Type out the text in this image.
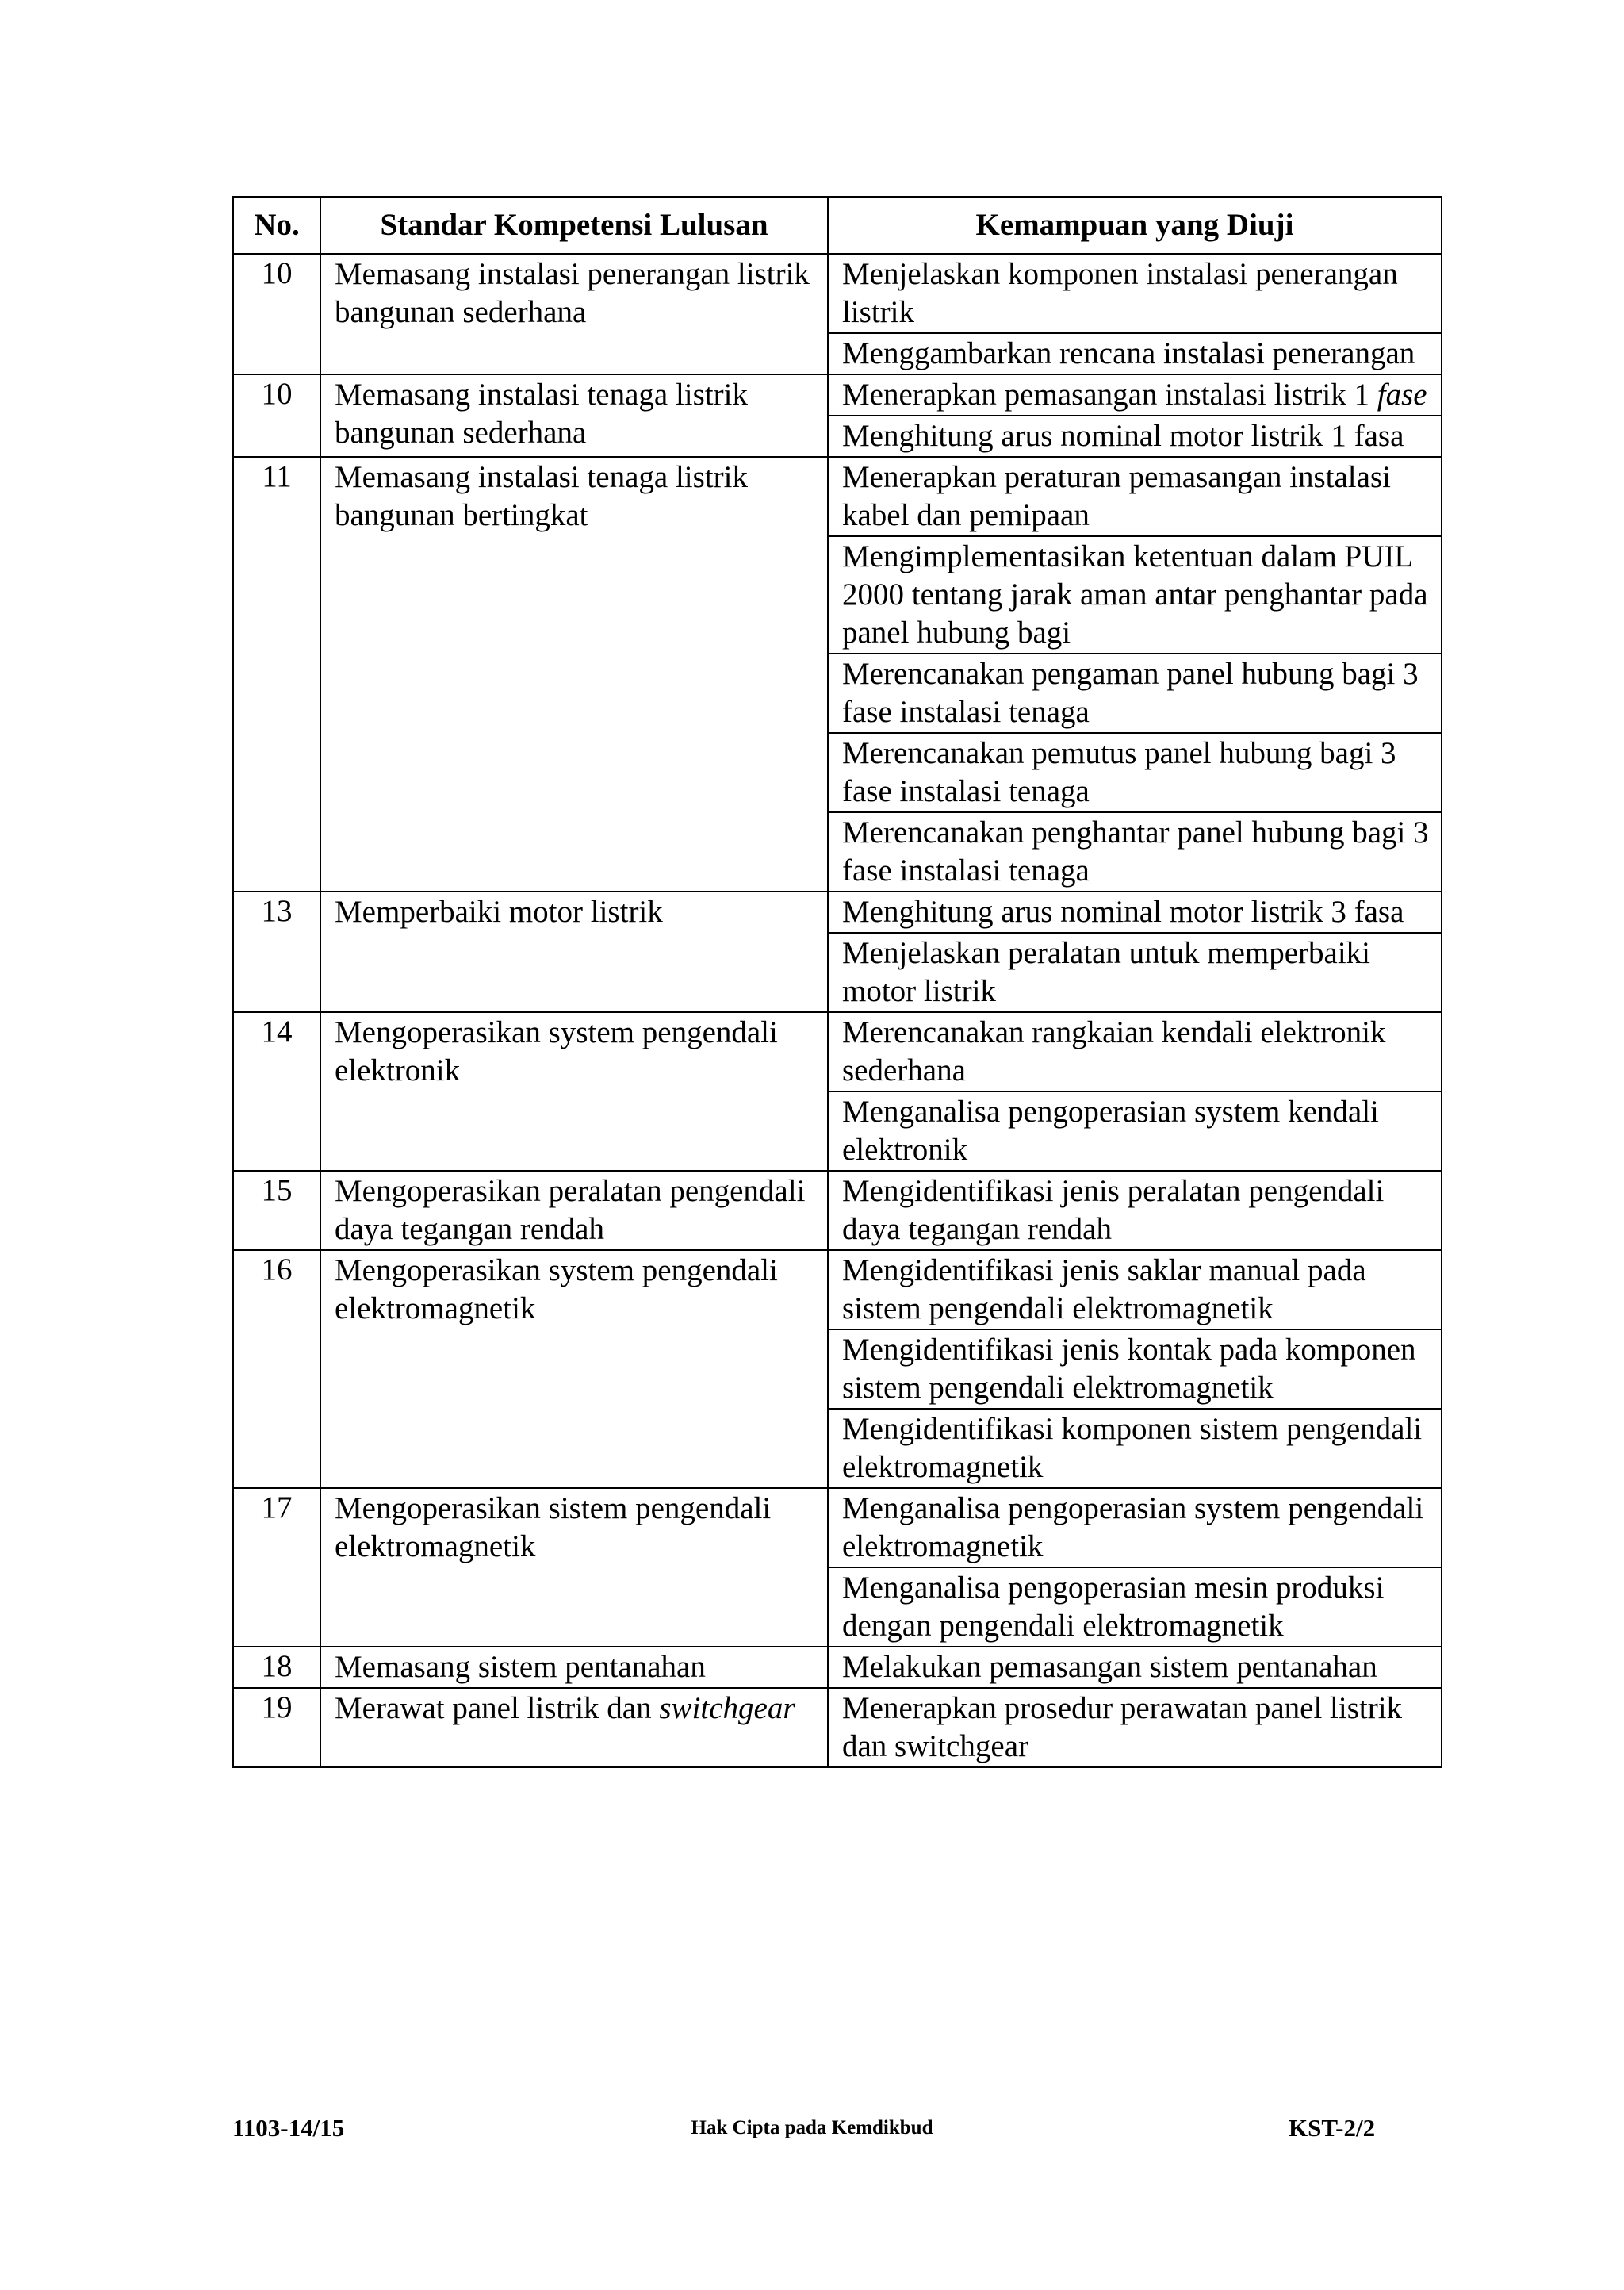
No.	Standar Kompetensi Lulusan	Kemampuan yang Diuji
10	Memasang instalasi penerangan listrik bangunan sederhana	Menjelaskan komponen instalasi penerangan listrik
		Menggambarkan rencana instalasi penerangan
10	Memasang instalasi tenaga listrik bangunan sederhana	Menerapkan pemasangan instalasi listrik 1 fase
		Menghitung arus nominal motor listrik 1 fasa
11	Memasang instalasi tenaga listrik bangunan bertingkat	Menerapkan peraturan pemasangan instalasi kabel dan pemipaan
		Mengimplementasikan ketentuan dalam PUIL 2000 tentang jarak aman antar penghantar pada panel hubung bagi
		Merencanakan pengaman panel hubung bagi 3 fase instalasi tenaga
		Merencanakan pemutus panel hubung bagi 3 fase instalasi tenaga
		Merencanakan penghantar panel hubung bagi 3 fase instalasi tenaga
13	Memperbaiki motor listrik	Menghitung arus nominal motor listrik 3 fasa
		Menjelaskan peralatan untuk memperbaiki motor listrik
14	Mengoperasikan system pengendali elektronik	Merencanakan rangkaian kendali elektronik sederhana
		Menganalisa pengoperasian system kendali elektronik
15	Mengoperasikan peralatan pengendali daya tegangan rendah	Mengidentifikasi jenis peralatan pengendali daya tegangan rendah
16	Mengoperasikan system pengendali elektromagnetik	Mengidentifikasi jenis saklar manual pada sistem pengendali elektromagnetik
		Mengidentifikasi jenis kontak pada komponen sistem pengendali elektromagnetik
		Mengidentifikasi komponen sistem pengendali elektromagnetik
17	Mengoperasikan sistem pengendali elektromagnetik	Menganalisa pengoperasian system pengendali elektromagnetik
		Menganalisa pengoperasian mesin produksi dengan pengendali elektromagnetik
18	Memasang sistem pentanahan	Melakukan pemasangan sistem pentanahan
19	Merawat panel listrik dan switchgear	Menerapkan prosedur perawatan panel listrik dan switchgear
1103-14/15	Hak Cipta pada Kemdikbud	KST-2/2
